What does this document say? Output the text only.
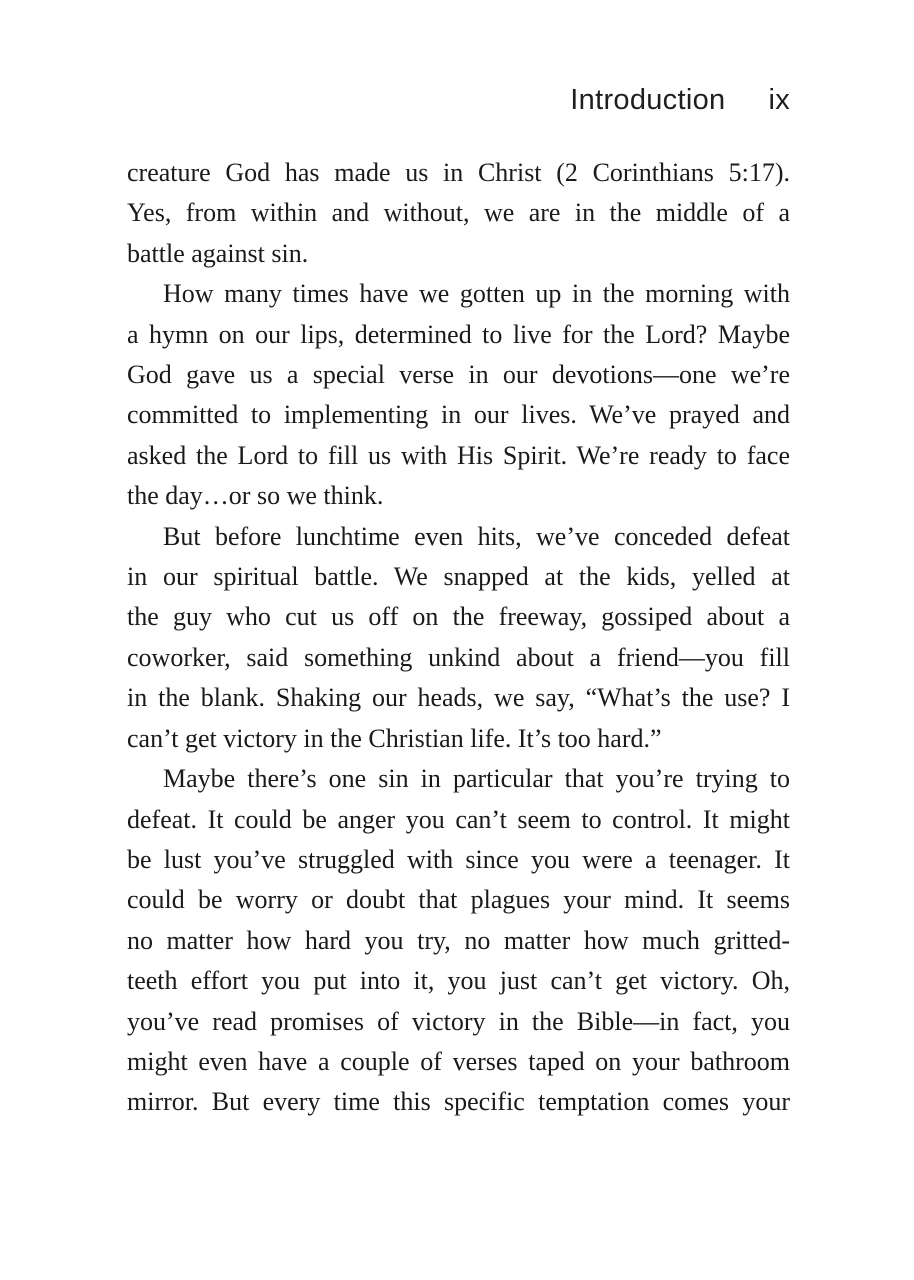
Introduction ix
creature God has made us in Christ (2 Corinthians 5:17).
Yes, from within and without, we are in the middle of a
battle against sin.
How many times have we gotten up in the morning with
a hymn on our lips, determined to live for the Lord? Maybe
God gave us a special verse in our devotions—one we’re
committed to implementing in our lives. We’ve prayed and
asked the Lord to fill us with His Spirit. We’re ready to face
the day…or so we think.
But before lunchtime even hits, we’ve conceded defeat
in our spiritual battle. We snapped at the kids, yelled at
the guy who cut us off on the freeway, gossiped about a
coworker, said something unkind about a friend—you fill
in the blank. Shaking our heads, we say, “What’s the use? I
can’t get victory in the Christian life. It’s too hard.”
Maybe there’s one sin in particular that you’re trying to
defeat. It could be anger you can’t seem to control. It might
be lust you’ve struggled with since you were a teenager. It
could be worry or doubt that plagues your mind. It seems
no matter how hard you try, no matter how much gritted-
teeth effort you put into it, you just can’t get victory. Oh,
you’ve read promises of victory in the Bible—in fact, you
might even have a couple of verses taped on your bathroom
mirror. But every time this specific temptation comes your
